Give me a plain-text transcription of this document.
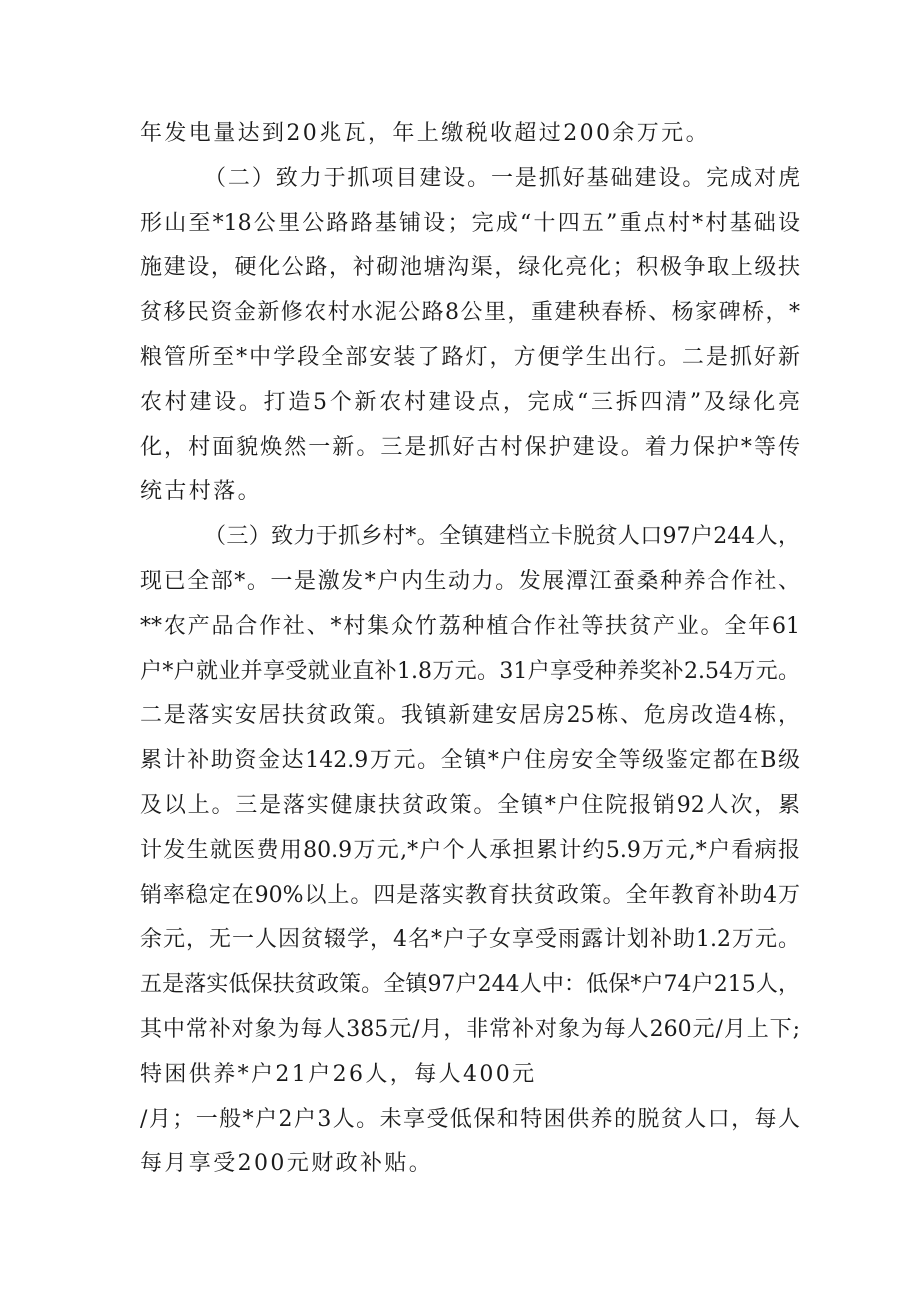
年发电量达到20兆瓦，年上缴税收超过200余万元。
（二）致力于抓项目建设。一是抓好基础建设。完成对虎
形山至*18公里公路路基铺设；完成“十四五”重点村*村基础设
施建设，硬化公路，衬砌池塘沟渠，绿化亮化；积极争取上级扶
贫移民资金新修农村水泥公路8公里，重建秧春桥、杨家碑桥，*
粮管所至*中学段全部安装了路灯，方便学生出行。二是抓好新
农村建设。打造5个新农村建设点，完成“三拆四清”及绿化亮
化，村面貌焕然一新。三是抓好古村保护建设。着力保护*等传
统古村落。
（三）致力于抓乡村*。全镇建档立卡脱贫人口97户244人，
现已全部*。一是激发*户内生动力。发展潭江蚕桑种养合作社、
**农产品合作社、*村集众竹荔种植合作社等扶贫产业。全年61
户*户就业并享受就业直补1.8万元。31户享受种养奖补2.54万元。
二是落实安居扶贫政策。我镇新建安居房25栋、危房改造4栋，
累计补助资金达142.9万元。全镇*户住房安全等级鉴定都在B级
及以上。三是落实健康扶贫政策。全镇*户住院报销92人次，累
计发生就医费用80.9万元,*户个人承担累计约5.9万元,*户看病报
销率稳定在90%以上。四是落实教育扶贫政策。全年教育补助4万
余元，无一人因贫辍学，4名*户子女享受雨露计划补助1.2万元。
五是落实低保扶贫政策。全镇97户244人中：低保*户74户215人，
其中常补对象为每人385元/月，非常补对象为每人260元/月上下;
特困供养*户21户26人，每人400元
/月；一般*户2户3人。未享受低保和特困供养的脱贫人口，每人
每月享受200元财政补贴。
